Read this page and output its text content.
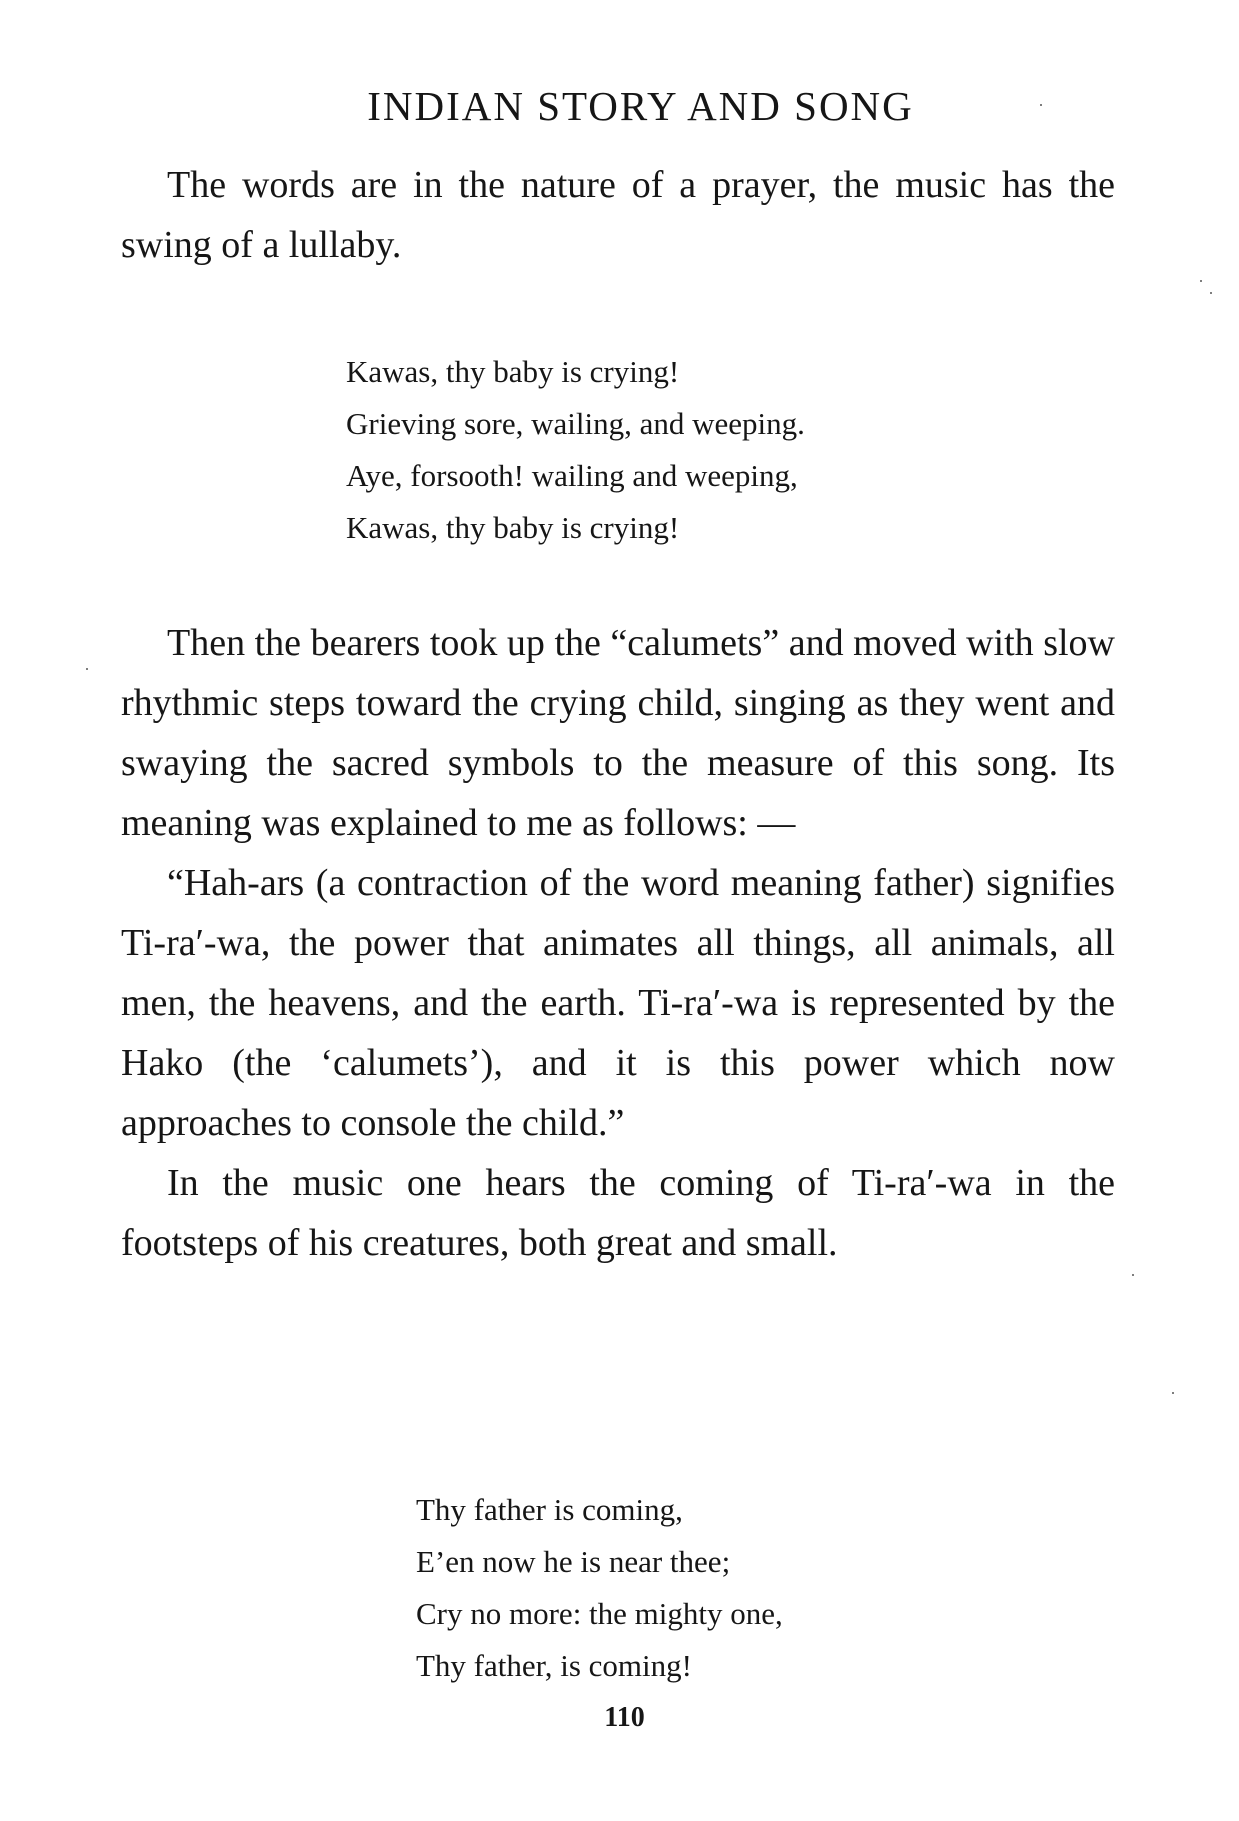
INDIAN STORY AND SONG

The words are in the nature of a prayer, the music has the swing of a lullaby.

Kawas, thy baby is crying!
Grieving sore, wailing, and weeping.
Aye, forsooth! wailing and weeping,
Kawas, thy baby is crying!

Then the bearers took up the “calumets” and moved with slow rhythmic steps toward the crying child, singing as they went and swaying the sacred symbols to the measure of this song. Its meaning was explained to me as follows: —

“Hah-ars (a contraction of the word meaning father) signifies Ti-ra′-wa, the power that animates all things, all animals, all men, the heavens, and the earth. Ti-ra′-wa is represented by the Hako (the ‘calumets’), and it is this power which now approaches to console the child.”

In the music one hears the coming of Ti-ra′-wa in the footsteps of his creatures, both great and small.

Thy father is coming,
E’en now he is near thee;
Cry no more: the mighty one,
Thy father, is coming!
110
